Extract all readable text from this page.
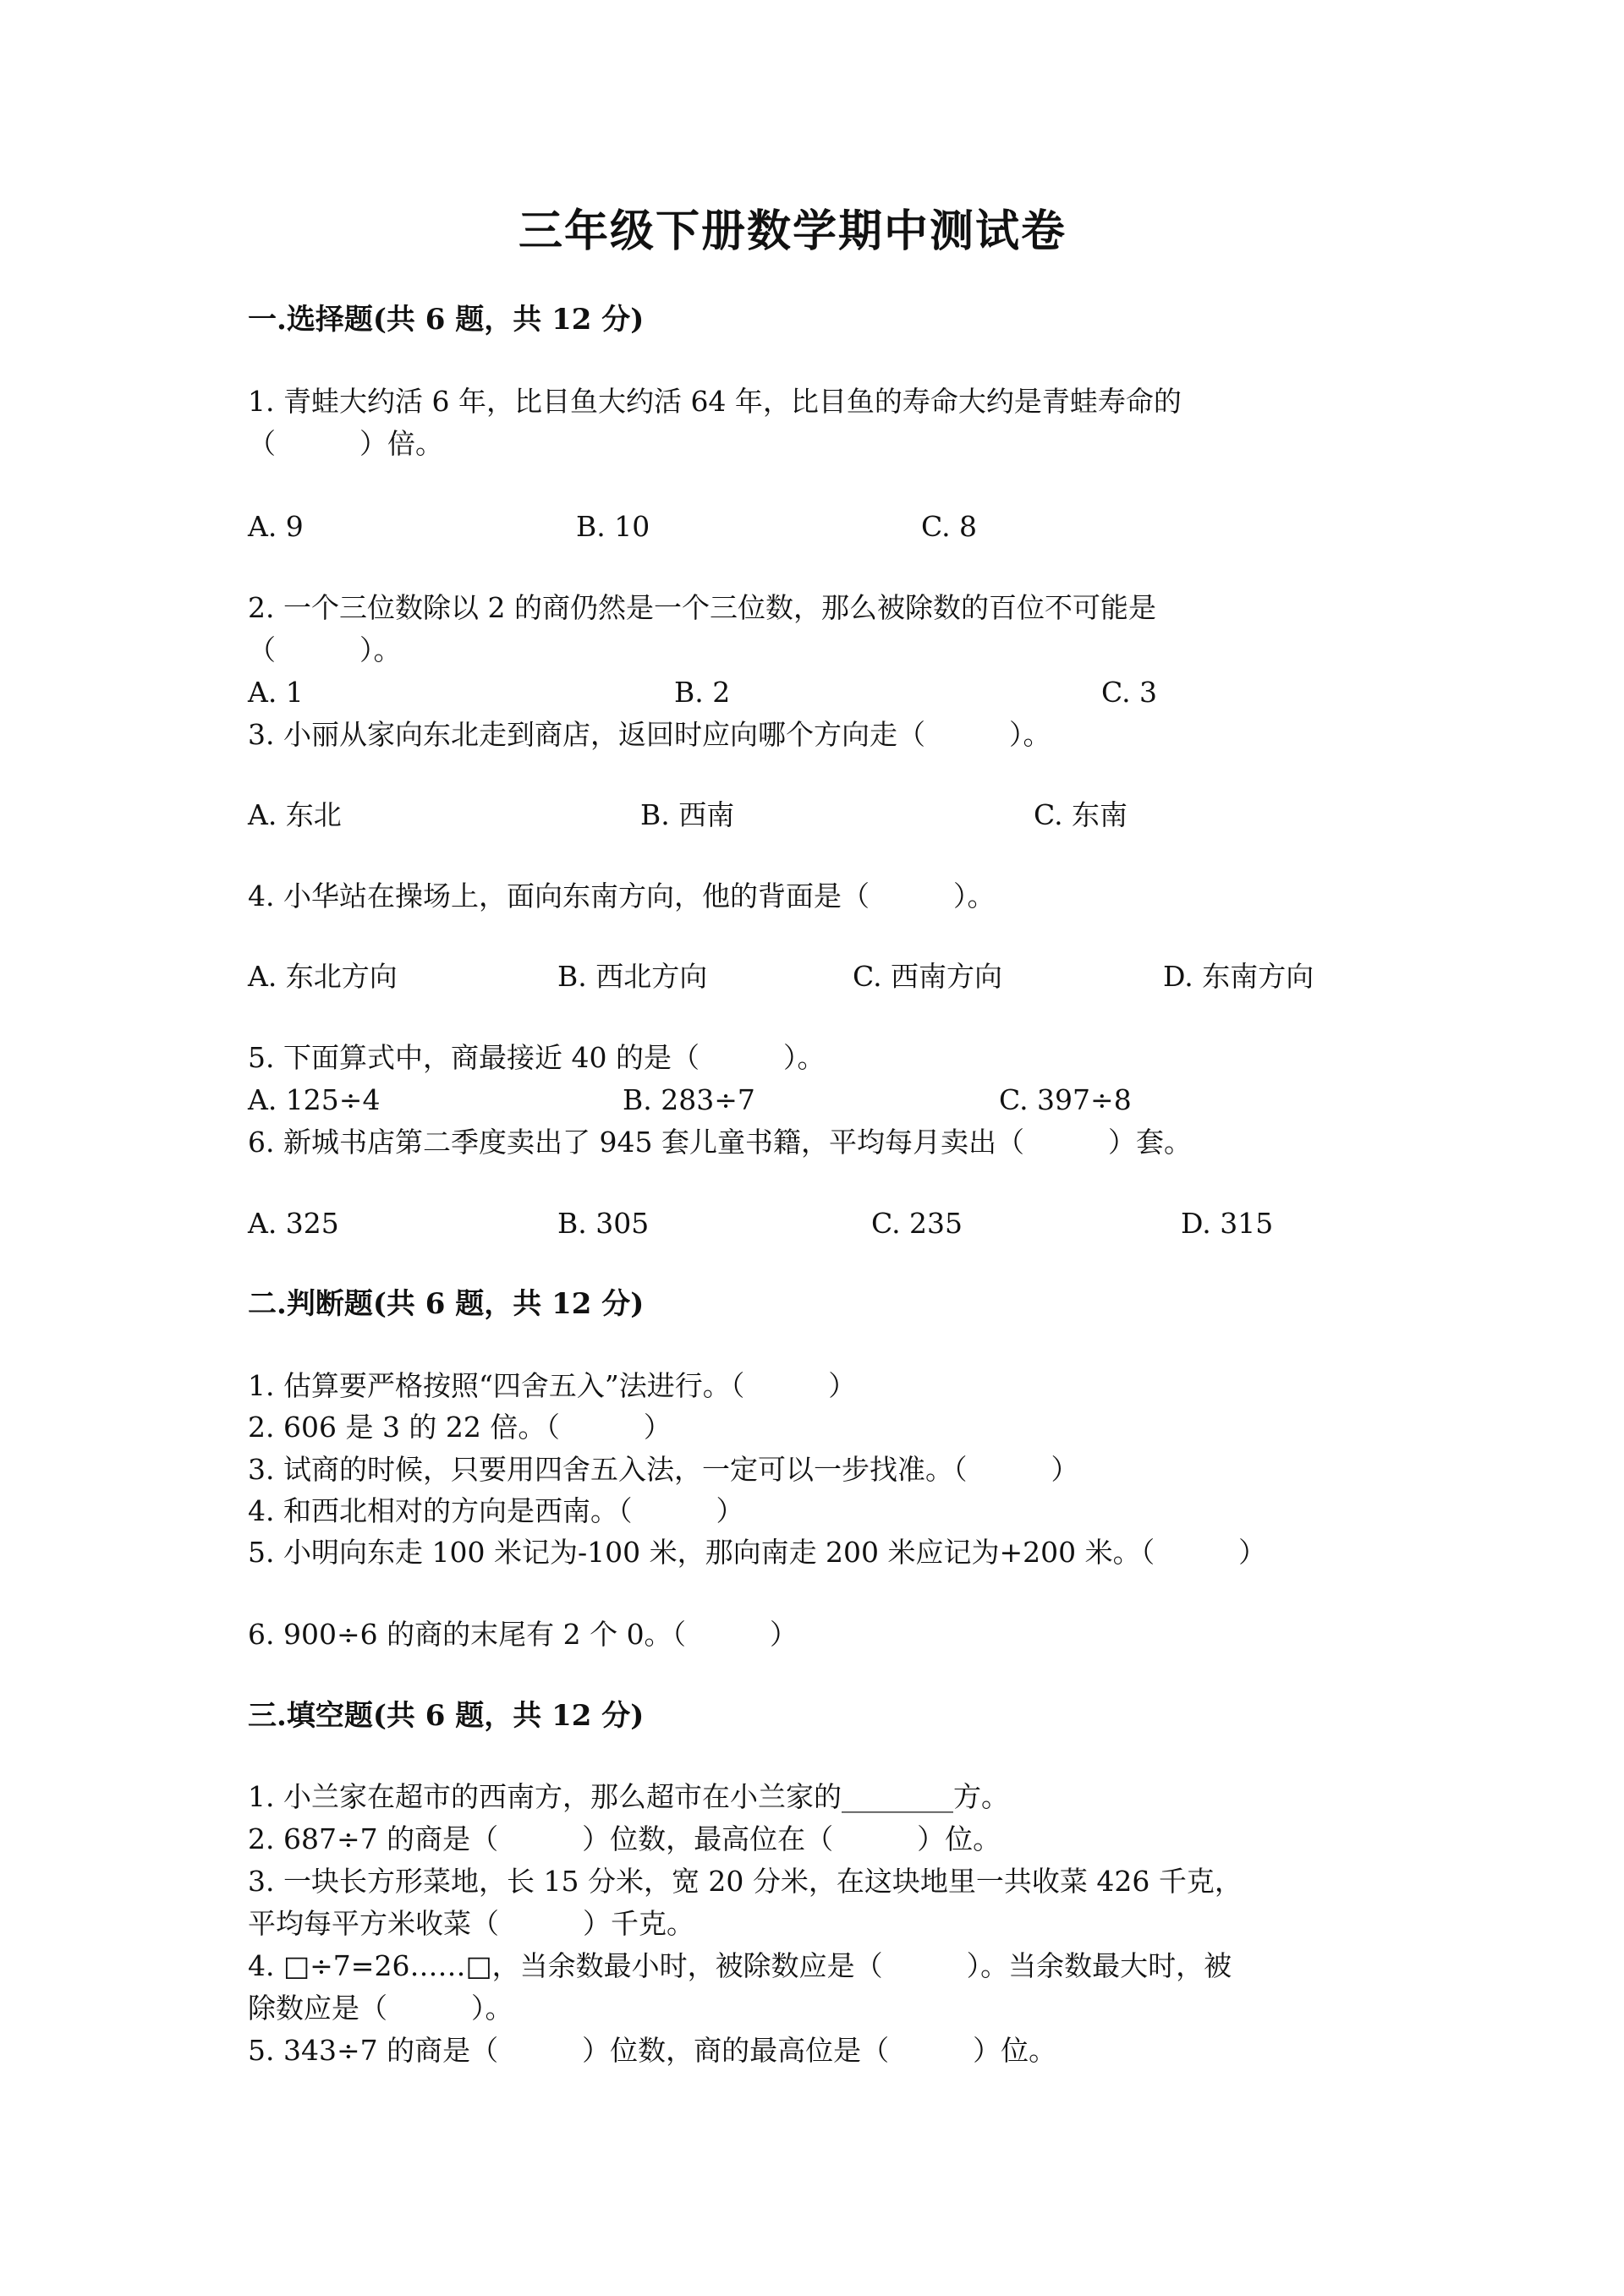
三年级下册数学期中测试卷
一.选择题(共 6 题，共 12 分)
1. 青蛙大约活 6 年，比目鱼大约活 64 年，比目鱼的寿命大约是青蛙寿命的
（　　　）倍。
A. 9	B. 10	C. 8
2. 一个三位数除以 2 的商仍然是一个三位数，那么被除数的百位不可能是
（　　　）。
A. 1	B. 2	C. 3
3. 小丽从家向东北走到商店，返回时应向哪个方向走（　　　）。
A. 东北	B. 西南	C. 东南
4. 小华站在操场上，面向东南方向，他的背面是（　　　）。
A. 东北方向	B. 西北方向	C. 西南方向	D. 东南方向
5. 下面算式中，商最接近 40 的是（　　　）。
A. 125÷4	B. 283÷7	C. 397÷8
6. 新城书店第二季度卖出了 945 套儿童书籍，平均每月卖出（　　　）套。
A. 325	B. 305	C. 235	D. 315
二.判断题(共 6 题，共 12 分)
1. 估算要严格按照“四舍五入”法进行。（　　　）
2. 606 是 3 的 22 倍。（　　　）
3. 试商的时候，只要用四舍五入法，一定可以一步找准。（　　　）
4. 和西北相对的方向是西南。（　　　）
5. 小明向东走 100 米记为-100 米，那向南走 200 米应记为+200 米。（　　　）
6. 900÷6 的商的末尾有 2 个 0。（　　　）
三.填空题(共 6 题，共 12 分)
1. 小兰家在超市的西南方，那么超市在小兰家的________方。
2. 687÷7 的商是（　　　）位数，最高位在（　　　）位。
3. 一块长方形菜地，长 15 分米，宽 20 分米，在这块地里一共收菜 426 千克，
平均每平方米收菜（　　　）千克。
4. □÷7=26……□，当余数最小时，被除数应是（　　　）。当余数最大时，被
除数应是（　　　）。
5. 343÷7 的商是（　　　）位数，商的最高位是（　　　）位。
